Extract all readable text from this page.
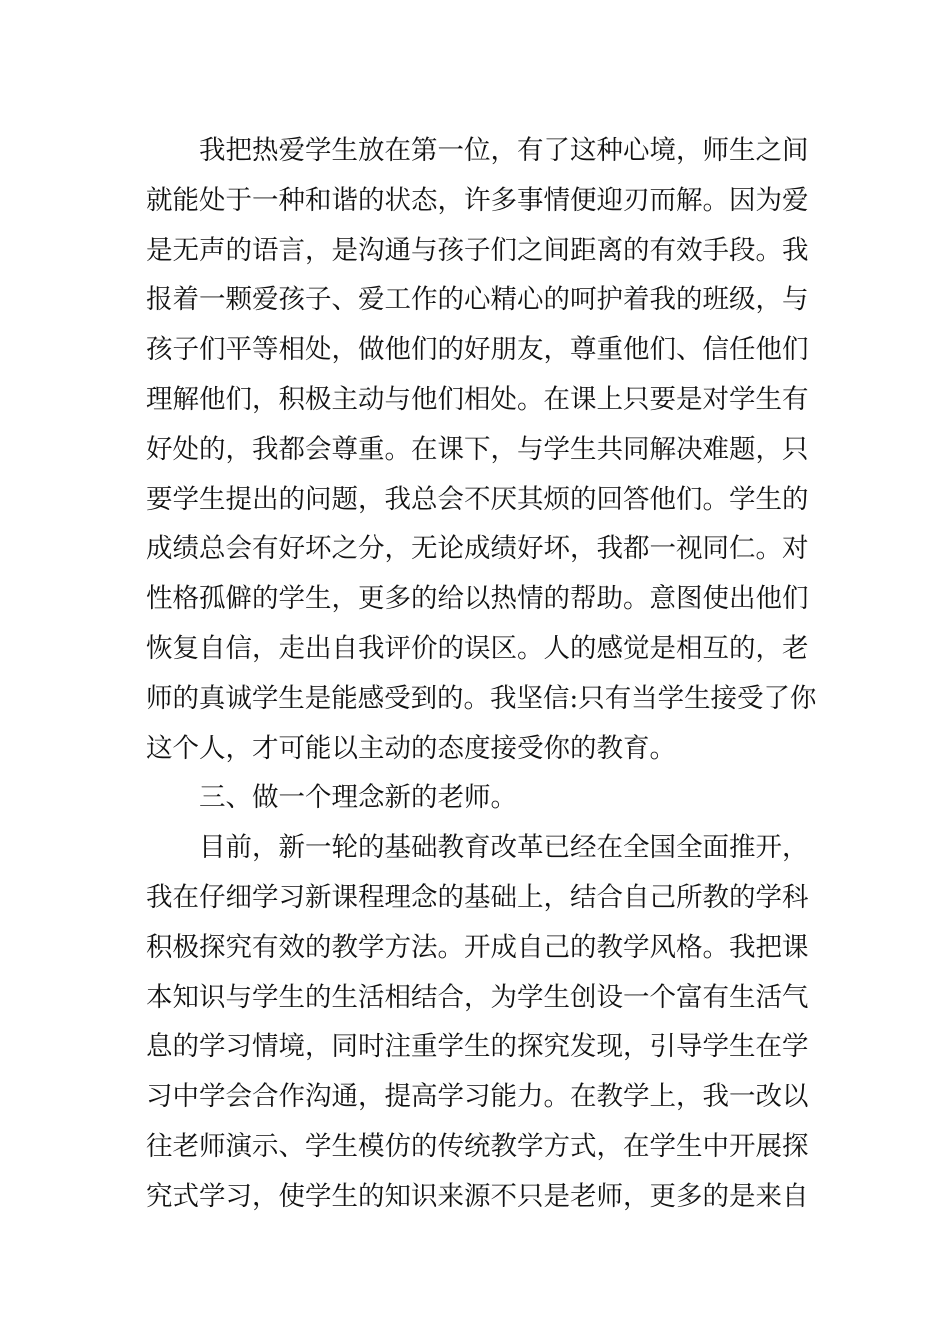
我把热爱学生放在第一位，有了这种心境，师生之间

就能处于一种和谐的状态，许多事情便迎刃而解。因为爱

是无声的语言，是沟通与孩子们之间距离的有效手段。我

报着一颗爱孩子、爱工作的心精心的呵护着我的班级，与

孩子们平等相处，做他们的好朋友，尊重他们、信任他们

理解他们，积极主动与他们相处。在课上只要是对学生有

好处的，我都会尊重。在课下，与学生共同解决难题，只

要学生提出的问题，我总会不厌其烦的回答他们。学生的

成绩总会有好坏之分，无论成绩好坏，我都一视同仁。对

性格孤僻的学生，更多的给以热情的帮助。意图使出他们

恢复自信，走出自我评价的误区。人的感觉是相互的，老

师的真诚学生是能感受到的。我坚信:只有当学生接受了你

这个人，才可能以主动的态度接受你的教育。

三、做一个理念新的老师。

目前，新一轮的基础教育改革已经在全国全面推开，

我在仔细学习新课程理念的基础上，结合自己所教的学科

积极探究有效的教学方法。开成自己的教学风格。我把课

本知识与学生的生活相结合，为学生创设一个富有生活气

息的学习情境，同时注重学生的探究发现，引导学生在学

习中学会合作沟通，提高学习能力。在教学上，我一改以

往老师演示、学生模仿的传统教学方式，在学生中开展探

究式学习，使学生的知识来源不只是老师，更多的是来自
